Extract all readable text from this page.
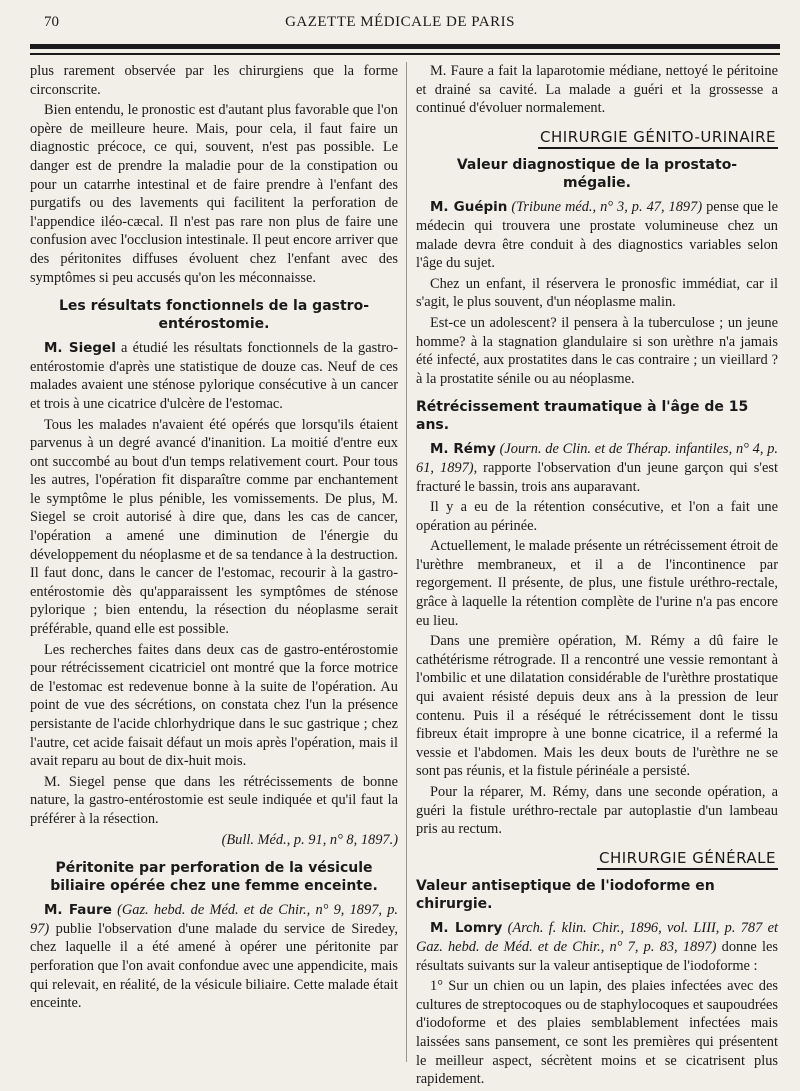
70	GAZETTE MÉDICALE DE PARIS

plus rarement observée par les chirurgiens que la forme circonscrite.

Bien entendu, le pronostic est d'autant plus favorable que l'on opère de meilleure heure. Mais, pour cela, il faut faire un diagnostic précoce, ce qui, souvent, n'est pas possible. Le danger est de prendre la maladie pour de la constipation ou pour un catarrhe intestinal et de faire prendre à l'enfant des purgatifs ou des lavements qui facilitent la perforation de l'appendice iléo-cæcal. Il n'est pas rare non plus de faire une confusion avec l'occlusion intestinale. Il peut encore arriver que des péritonites diffuses évoluent chez l'enfant avec des symptômes si peu accusés qu'on les méconnaisse.

Les résultats fonctionnels de la gastro-entérostomie.

M. Siegel a étudié les résultats fonctionnels de la gastro-entérostomie d'après une statistique de douze cas. Neuf de ces malades avaient une sténose pylorique consécutive à un cancer et trois à une cicatrice d'ulcère de l'estomac.

Tous les malades n'avaient été opérés que lorsqu'ils étaient parvenus à un degré avancé d'inanition. La moitié d'entre eux ont succombé au bout d'un temps relativement court. Pour tous les autres, l'opération fit disparaître comme par enchantement le symptôme le plus pénible, les vomissements. De plus, M. Siegel se croit autorisé à dire que, dans les cas de cancer, l'opération a amené une diminution de l'énergie du développement du néoplasme et de sa tendance à la destruction. Il faut donc, dans le cancer de l'estomac, recourir à la gastro-entérostomie dès qu'apparaissent les symptômes de sténose pylorique ; bien entendu, la résection du néoplasme serait préférable, quand elle est possible.

Les recherches faites dans deux cas de gastro-entérostomie pour rétrécissement cicatriciel ont montré que la force motrice de l'estomac est redevenue bonne à la suite de l'opération. Au point de vue des sécrétions, on constata chez l'un la présence persistante de l'acide chlorhydrique dans le suc gastrique ; chez l'autre, cet acide faisait défaut un mois après l'opération, mais il avait reparu au bout de dix-huit mois.

M. Siegel pense que dans les rétrécissements de bonne nature, la gastro-entérostomie est seule indiquée et qu'il faut la préférer à la résection.

(Bull. Méd., p. 91, n° 8, 1897.)
Péritonite par perforation de la vésicule biliaire opérée chez une femme enceinte.

M. Faure (Gaz. hebd. de Méd. et de Chir., n° 9, 1897, p. 97) publie l'observation d'une malade du service de Siredey, chez laquelle il a été amené à opérer une péritonite par perforation que l'on avait confondue avec une appendicite, mais qui relevait, en réalité, de la vésicule biliaire. Cette malade était enceinte.

M. Faure a fait la laparotomie médiane, nettoyé le péritoine et drainé sa cavité. La malade a guéri et la grossesse a continué d'évoluer normalement.

CHIRURGIE GÉNITO-URINAIRE
Valeur diagnostique de la prostato-mégalie.

M. Guépin (Tribune méd., n° 3, p. 47, 1897) pense que le médecin qui trouvera une prostate volumineuse chez un malade devra être conduit à des diagnostics variables selon l'âge du sujet.

Chez un enfant, il réservera le pronosfic immédiat, car il s'agit, le plus souvent, d'un néoplasme malin.

Est-ce un adolescent? il pensera à la tuberculose ; un jeune homme? à la stagnation glandulaire si son urèthre n'a jamais été infecté, aux prostatites dans le cas contraire ; un vieillard ? à la prostatite sénile ou au néoplasme.

Rétrécissement traumatique à l'âge de 15 ans.

M. Rémy (Journ. de Clin. et de Thérap. infantiles, n° 4, p. 61, 1897), rapporte l'observation d'un jeune garçon qui s'est fracturé le bassin, trois ans auparavant.

Il y a eu de la rétention consécutive, et l'on a fait une opération au périnée.

Actuellement, le malade présente un rétrécissement étroit de l'urèthre membraneux, et il a de l'incontinence par regorgement. Il présente, de plus, une fistule uréthro-rectale, grâce à laquelle la rétention complète de l'urine n'a pas encore eu lieu.

Dans une première opération, M. Rémy a dû faire le cathétérisme rétrograde. Il a rencontré une vessie remontant à l'ombilic et une dilatation considérable de l'urèthre prostatique qui avaient résisté depuis deux ans à la pression de leur contenu. Puis il a réséqué le rétrécissement dont le tissu fibreux était impropre à une bonne cicatrice, il a refermé la vessie et l'abdomen. Mais les deux bouts de l'urèthre ne se sont pas réunis, et la fistule périnéale a persisté.

Pour la réparer, M. Rémy, dans une seconde opération, a guéri la fistule uréthro-rectale par autoplastie d'un lambeau pris au rectum.

CHIRURGIE GÉNÉRALE
Valeur antiseptique de l'iodoforme en chirurgie.

M. Lomry (Arch. f. klin. Chir., 1896, vol. LIII, p. 787 et Gaz. hebd. de Méd. et de Chir., n° 7, p. 83, 1897) donne les résultats suivants sur la valeur antiseptique de l'iodoforme :

1° Sur un chien ou un lapin, des plaies infectées avec des cultures de streptocoques ou de staphylocoques et saupoudrées d'iodoforme et des plaies semblablement infectées mais laissées sans pansement, ce sont les premières qui présentent le meilleur aspect, sécrètent moins et se cicatrisent plus rapidement.
